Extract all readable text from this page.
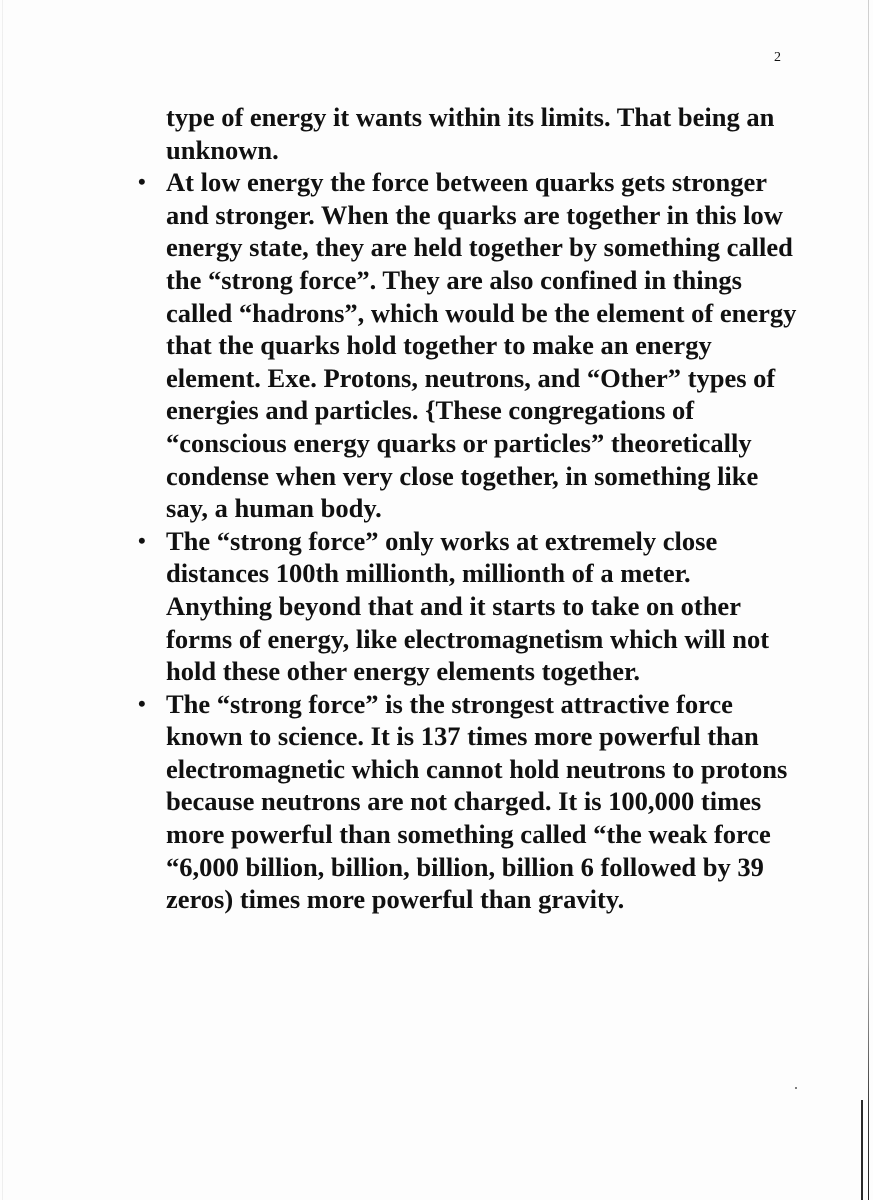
2

type of energy it wants within its limits. That being an unknown.

• At low energy the force between quarks gets stronger and stronger. When the quarks are together in this low energy state, they are held together by something called the “strong force”. They are also confined in things called “hadrons”, which would be the element of energy that the quarks hold together to make an energy element. Exe. Protons, neutrons, and “Other” types of energies and particles. {These congregations of “conscious energy quarks or particles” theoretically condense when very close together, in something like say, a human body.
• The “strong force” only works at extremely close distances 100th millionth, millionth of a meter. Anything beyond that and it starts to take on other forms of energy, like electromagnetism which will not hold these other energy elements together.
• The “strong force” is the strongest attractive force known to science. It is 137 times more powerful than electromagnetic which cannot hold neutrons to protons because neutrons are not charged. It is 100,000 times more powerful than something called “the weak force “6,000 billion, billion, billion, billion 6 followed by 39 zeros) times more powerful than gravity.
